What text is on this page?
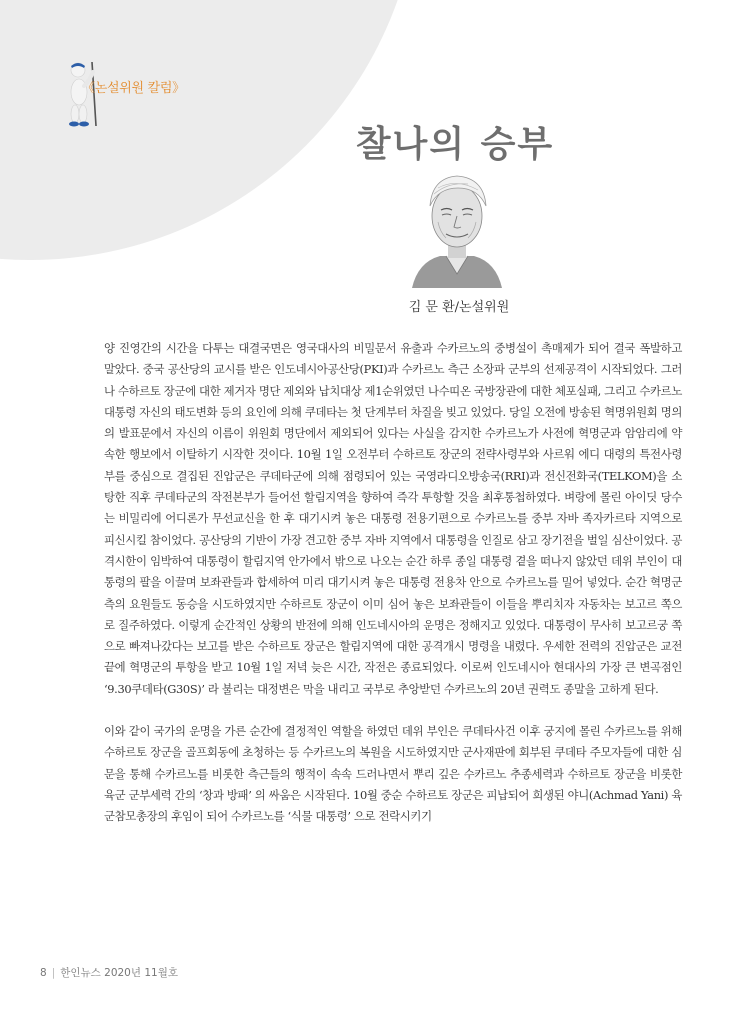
《논설위원 칼럼》
찰나의 승부
김 문 환/논설위원

양 진영간의 시간을 다투는 대결국면은 영국대사의 비밀문서 유출과 수카르노의 중병설이 촉매제가 되어 결국 폭발하고 말았다. 중국 공산당의 교시를 받은 인도네시아공산당(PKI)과 수카르노 측근 소장파 군부의 선제공격이 시작되었다. 그러나 수하르토 장군에 대한 제거자 명단 제외와 납치대상 제1순위였던 나수띠온 국방장관에 대한 체포실패, 그리고 수카르노 대통령 자신의 태도변화 등의 요인에 의해 쿠데타는 첫 단계부터 차질을 빚고 있었다. 당일 오전에 방송된 혁명위원회 명의의 발표문에서 자신의 이름이 위원회 명단에서 제외되어 있다는 사실을 감지한 수카르노가 사전에 혁명군과 암암리에 약속한 행보에서 이탈하기 시작한 것이다. 10월 1일 오전부터 수하르토 장군의 전략사령부와 사르워 에디 대령의 특전사령부를 중심으로 결집된 진압군은 쿠데타군에 의해 점령되어 있는 국영라디오방송국(RRI)과 전신전화국(TELKOM)을 소탕한 직후 쿠데타군의 작전본부가 들어선 할림지역을 향하여 즉각 투항할 것을 최후통첩하였다. 벼랑에 몰린 아이딧 당수는 비밀리에 어디론가 무선교신을 한 후 대기시켜 놓은 대통령 전용기편으로 수카르노를 중부 자바 족자카르타 지역으로 피신시킬 참이었다. 공산당의 기반이 가장 견고한 중부 자바 지역에서 대통령을 인질로 삼고 장기전을 벌일 심산이었다. 공격시한이 임박하여 대통령이 할림지역 안가에서 밖으로 나오는 순간 하루 종일 대통령 곁을 떠나지 않았던 데위 부인이 대통령의 팔을 이끌며 보좌관들과 합세하여 미리 대기시켜 놓은 대통령 전용차 안으로 수카르노를 밀어 넣었다. 순간 혁명군 측의 요원들도 동승을 시도하였지만 수하르토 장군이 이미 심어 놓은 보좌관들이 이들을 뿌리치자 자동차는 보고르 쪽으로 질주하였다. 이렇게 순간적인 상황의 반전에 의해 인도네시아의 운명은 정해지고 있었다. 대통령이 무사히 보고르궁 쪽으로 빠져나갔다는 보고를 받은 수하르토 장군은 할림지역에 대한 공격개시 명령을 내렸다. 우세한 전력의 진압군은 교전 끝에 혁명군의 투항을 받고 10월 1일 저녁 늦은 시간, 작전은 종료되었다. 이로써 인도네시아 현대사의 가장 큰 변곡점인 ‘9.30쿠데타(G30S)’ 라 불리는 대정변은 막을 내리고 국부로 추앙받던 수카르노의 20년 권력도 종말을 고하게 된다.

이와 같이 국가의 운명을 가른 순간에 결정적인 역할을 하였던 데위 부인은 쿠데타사건 이후 궁지에 몰린 수카르노를 위해 수하르토 장군을 골프회동에 초청하는 등 수카르노의 복원을 시도하였지만 군사재판에 회부된 쿠데타 주모자들에 대한 심문을 통해 수카르노를 비롯한 측근들의 행적이 속속 드러나면서 뿌리 깊은 수카르노 추종세력과 수하르토 장군을 비롯한 육군 군부세력 간의 ‘창과 방패’ 의 싸움은 시작된다. 10월 중순 수하르토 장군은 피납되어 희생된 야니(Achmad Yani) 육군참모총장의 후임이 되어 수카르노를 ‘식물 대통령’ 으로 전락시키기

8 | 한인뉴스 2020년 11월호
